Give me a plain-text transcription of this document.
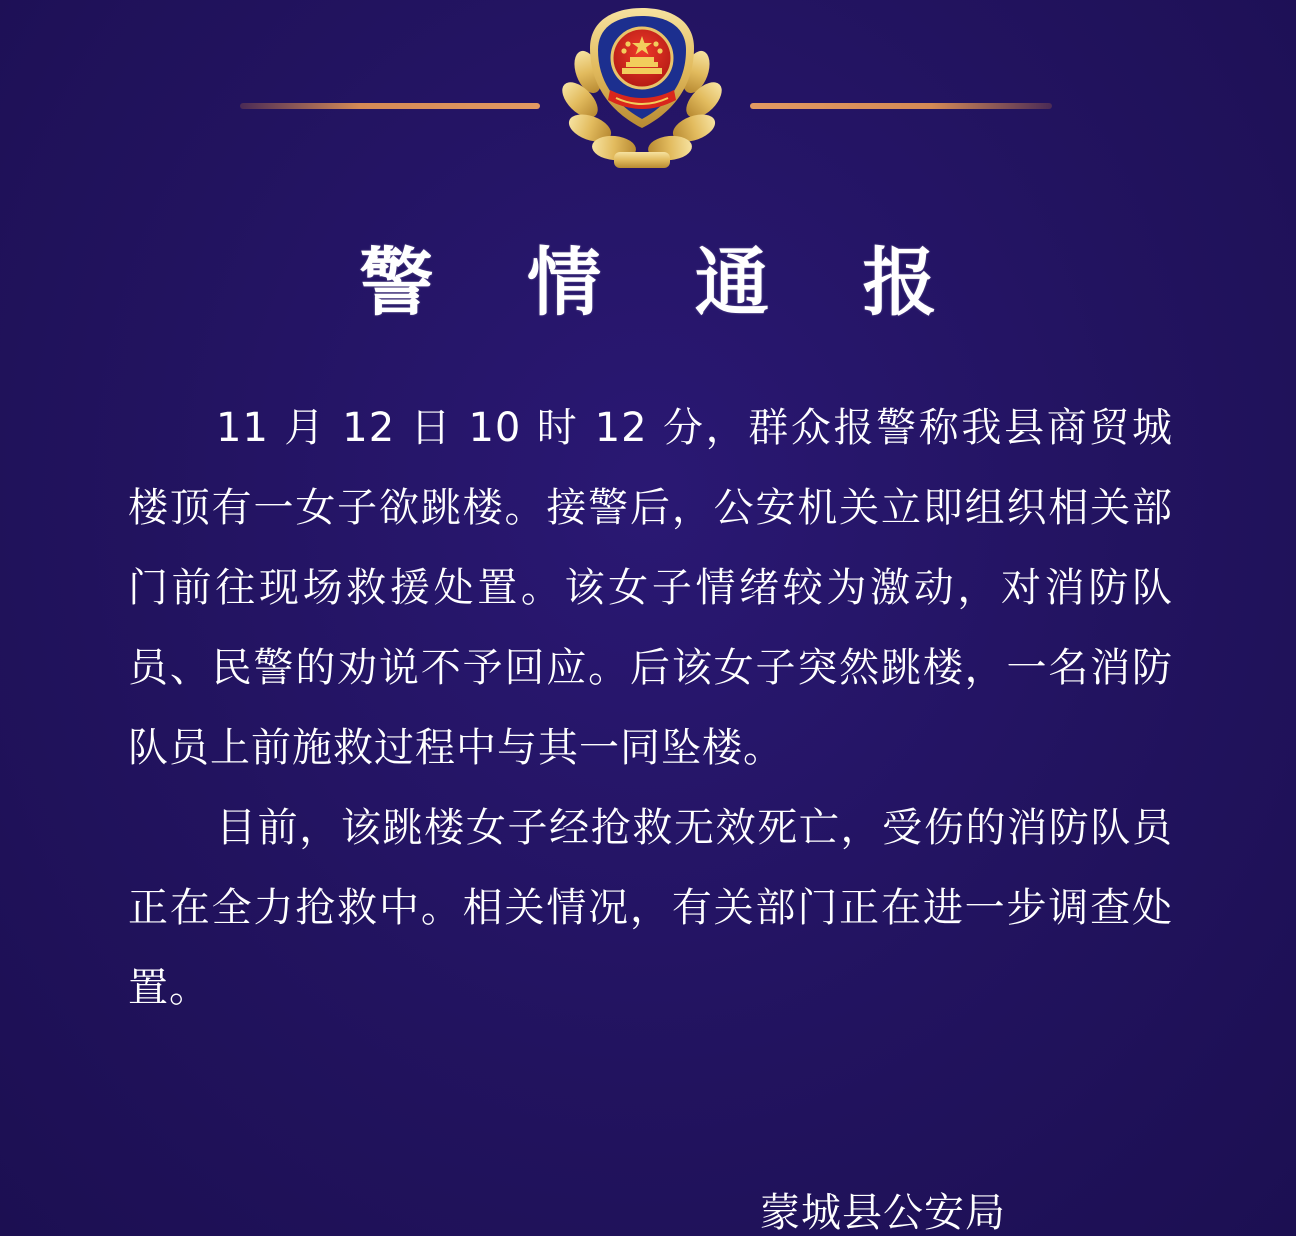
警 情 通 报

11 月 12 日 10 时 12 分，群众报警称我县商贸城楼顶有一女子欲跳楼。接警后，公安机关立即组织相关部门前往现场救援处置。该女子情绪较为激动，对消防队员、民警的劝说不予回应。后该女子突然跳楼，一名消防队员上前施救过程中与其一同坠楼。

目前，该跳楼女子经抢救无效死亡，受伤的消防队员正在全力抢救中。相关情况，有关部门正在进一步调查处置。

蒙城县公安局
